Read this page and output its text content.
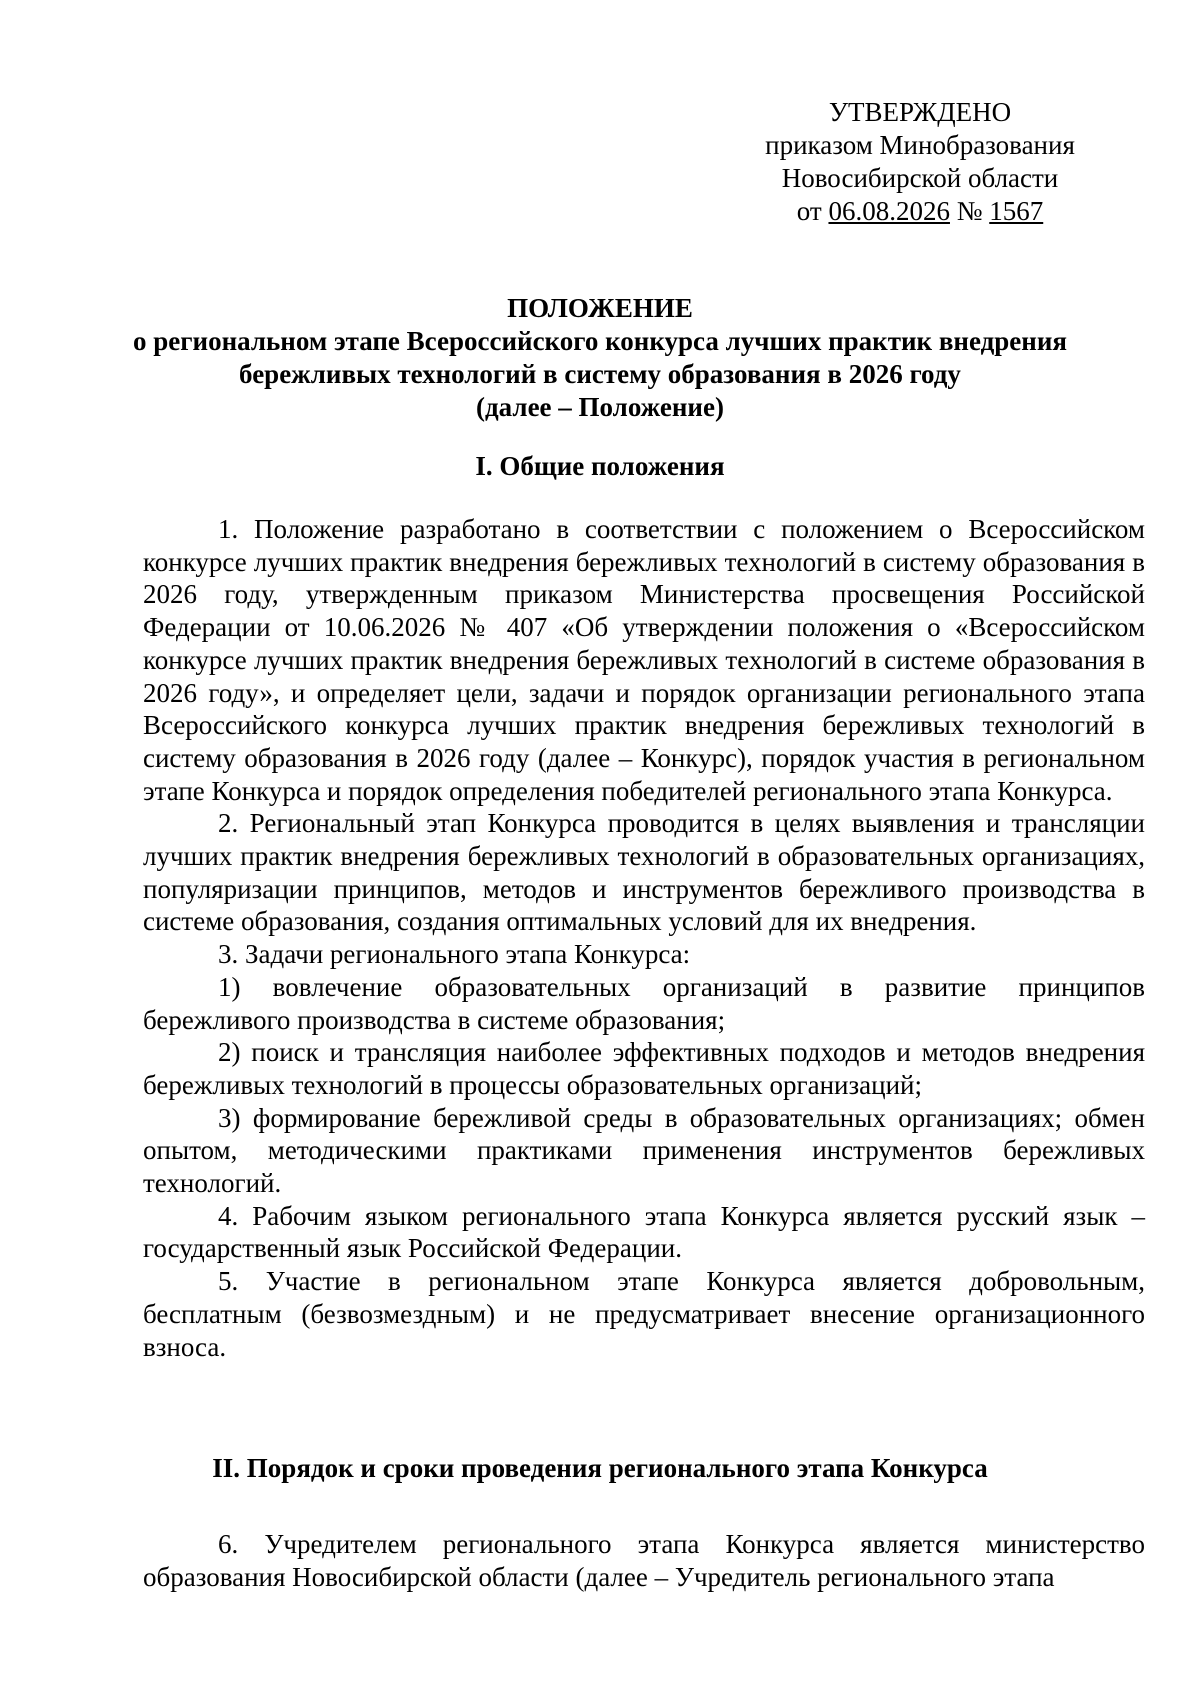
УТВЕРЖДЕНО
приказом Минобразования
Новосибирской области
от 06.08.2026 № 1567
ПОЛОЖЕНИЕ
о региональном этапе Всероссийского конкурса лучших практик внедрения
бережливых технологий в систему образования в 2026 году
(далее – Положение)
I. Общие положения

1. Положение разработано в соответствии с положением о Всероссийском конкурсе лучших практик внедрения бережливых технологий в систему образования в 2026 году, утвержденным приказом Министерства просвещения Российской Федерации от 10.06.2026 № 407 «Об утверждении положения о «Всероссийском конкурсе лучших практик внедрения бережливых технологий в системе образования в 2026 году», и определяет цели, задачи и порядок организации регионального этапа Всероссийского конкурса лучших практик внедрения бережливых технологий в систему образования в 2026 году (далее – Конкурс), порядок участия в региональном этапе Конкурса и порядок определения победителей регионального этапа Конкурса.

2. Региональный этап Конкурса проводится в целях выявления и трансляции лучших практик внедрения бережливых технологий в образовательных организациях, популяризации принципов, методов и инструментов бережливого производства в системе образования, создания оптимальных условий для их внедрения.

3. Задачи регионального этапа Конкурса:

1) вовлечение образовательных организаций в развитие принципов бережливого производства в системе образования;

2) поиск и трансляция наиболее эффективных подходов и методов внедрения бережливых технологий в процессы образовательных организаций;

3) формирование бережливой среды в образовательных организациях; обмен опытом, методическими практиками применения инструментов бережливых технологий.

4. Рабочим языком регионального этапа Конкурса является русский язык – государственный язык Российской Федерации.

5. Участие в региональном этапе Конкурса является добровольным, бесплатным (безвозмездным) и не предусматривает внесение организационного взноса.

II. Порядок и сроки проведения регионального этапа Конкурса

6. Учредителем регионального этапа Конкурса является министерство образования Новосибирской области (далее – Учредитель регионального этапа
